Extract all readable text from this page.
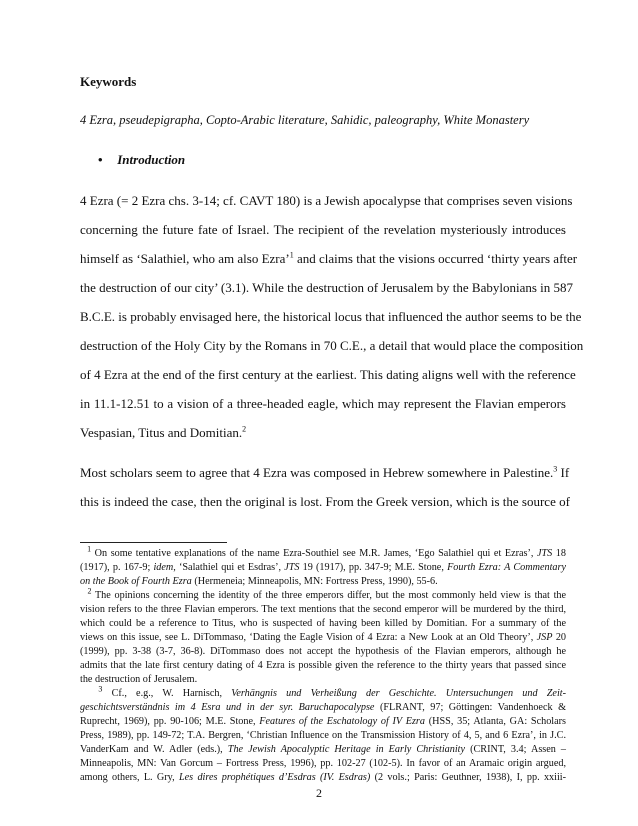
Keywords
4 Ezra, pseudepigrapha, Copto-Arabic literature, Sahidic, paleography, White Monastery
• Introduction
4 Ezra (= 2 Ezra chs. 3-14; cf. CAVT 180) is a Jewish apocalypse that comprises seven visions
concerning the future fate of Israel. The recipient of the revelation mysteriously introduces
himself as ‘Salathiel, who am also Ezra’$^1$ and claims that the visions occurred ‘thirty years after
the destruction of our city’ (3.1). While the destruction of Jerusalem by the Babylonians in 587
B.C.E. is probably envisaged here, the historical locus that influenced the author seems to be the
destruction of the Holy City by the Romans in 70 C.E., a detail that would place the composition
of 4 Ezra at the end of the first century at the earliest. This dating aligns well with the reference
in 11.1-12.51 to a vision of a three-headed eagle, which may represent the Flavian emperors
Vespasian, Titus and Domitian.$^2$
Most scholars seem to agree that 4 Ezra was composed in Hebrew somewhere in Palestine.$^3$ If
this is indeed the case, then the original is lost. From the Greek version, which is the source of
$^1$ On some tentative explanations of the name Ezra-Southiel see M.R. James, ‘Ego Salathiel qui et Ezras’, JTS 18
(1917), p. 167-9; idem, ‘Salathiel qui et Esdras’, JTS 19 (1917), pp. 347-9; M.E. Stone, Fourth Ezra: A Commentary
on the Book of Fourth Ezra (Hermeneia; Minneapolis, MN: Fortress Press, 1990), 55-6.
$^2$ The opinions concerning the identity of the three emperors differ, but the most commonly held view is that the
vision refers to the three Flavian emperors. The text mentions that the second emperor will be murdered by the third,
which could be a reference to Titus, who is suspected of having been killed by Domitian. For a summary of the
views on this issue, see L. DiTommaso, ‘Dating the Eagle Vision of 4 Ezra: a New Look at an Old Theory’, JSP 20
(1999), pp. 3-38 (3-7, 36-8). DiTommaso does not accept the hypothesis of the Flavian emperors, although he
admits that the late first century dating of 4 Ezra is possible given the reference to the thirty years that passed since
the destruction of Jerusalem.
$^3$ Cf., e.g., W. Harnisch, Verhängnis und Verheißung der Geschichte. Untersuchungen und Zeit-
geschichtsverständnis im 4 Esra und in der syr. Baruchapocalypse (FLRANT, 97; Göttingen: Vandenhoeck &
Ruprecht, 1969), pp. 90-106; M.E. Stone, Features of the Eschatology of IV Ezra (HSS, 35; Atlanta, GA: Scholars
Press, 1989), pp. 149-72; T.A. Bergren, ‘Christian Influence on the Transmission History of 4, 5, and 6 Ezra’, in J.C.
VanderKam and W. Adler (eds.), The Jewish Apocalyptic Heritage in Early Christianity (CRINT, 3.4; Assen –
Minneapolis, MN: Van Gorcum – Fortress Press, 1996), pp. 102-27 (102-5). In favor of an Aramaic origin argued,
among others, L. Gry, Les dires prophétiques d’Esdras (IV. Esdras) (2 vols.; Paris: Geuthner, 1938), I, pp. xxiii-
2
